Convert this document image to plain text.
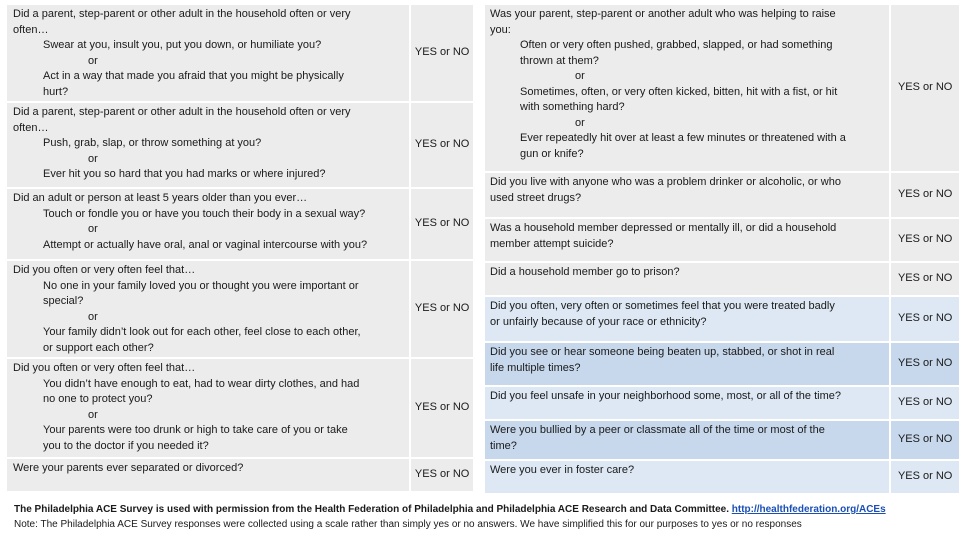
Did a parent, step-parent or other adult in the household often or very
often…
Swear at you, insult you, put you down, or humiliate you?
or
Act in a way that made you afraid that you might be physically
hurt?
YES or NO
Did a parent, step-parent or other adult in the household often or very
often…
Push, grab, slap, or throw something at you?
or
Ever hit you so hard that you had marks or where injured?
YES or NO
Did an adult or person at least 5 years older than you ever…
Touch or fondle you or have you touch their body in a sexual way?
or
Attempt or actually have oral, anal or vaginal intercourse with you?
YES or NO
Did you often or very often feel that…
No one in your family loved you or thought you were important or
special?
or
Your family didn’t look out for each other, feel close to each other,
or support each other?
YES or NO
Did you often or very often feel that…
You didn’t have enough to eat, had to wear dirty clothes, and had
no one to protect you?
or
Your parents were too drunk or high to take care of you or take
you to the doctor if you needed it?
YES or NO
Were your parents ever separated or divorced?
YES or NO
Was your parent, step-parent or another adult who was helping to raise
you:
Often or very often pushed, grabbed, slapped, or had something
thrown at them?
or
Sometimes, often, or very often kicked, bitten, hit with a fist, or hit
with something hard?
or
Ever repeatedly hit over at least a few minutes or threatened with a
gun or knife?
YES or NO
Did you live with anyone who was a problem drinker or alcoholic, or who
used street drugs?	YES or NO
Was a household member depressed or mentally ill, or did a household
member attempt suicide?	YES or NO
Did a household member go to prison?
YES or NO
Did you often, very often or sometimes feel that you were treated badly
or unfairly because of your race or ethnicity?	YES or NO
Did you see or hear someone being beaten up, stabbed, or shot in real
life multiple times?	YES or NO
Did you feel unsafe in your neighborhood some, most, or all of the time?
YES or NO
Were you bullied by a peer or classmate all of the time or most of the
time?
YES or NO
Were you ever in foster care?
YES or NO
The Philadelphia ACE Survey is used with permission from the Health Federation of Philadelphia and Philadelphia ACE Research and Data Committee. http://healthfederation.org/ACEs
Note: The Philadelphia ACE Survey responses were collected using a scale rather than simply yes or no answers. We have simplified this for our purposes to yes or no responses
